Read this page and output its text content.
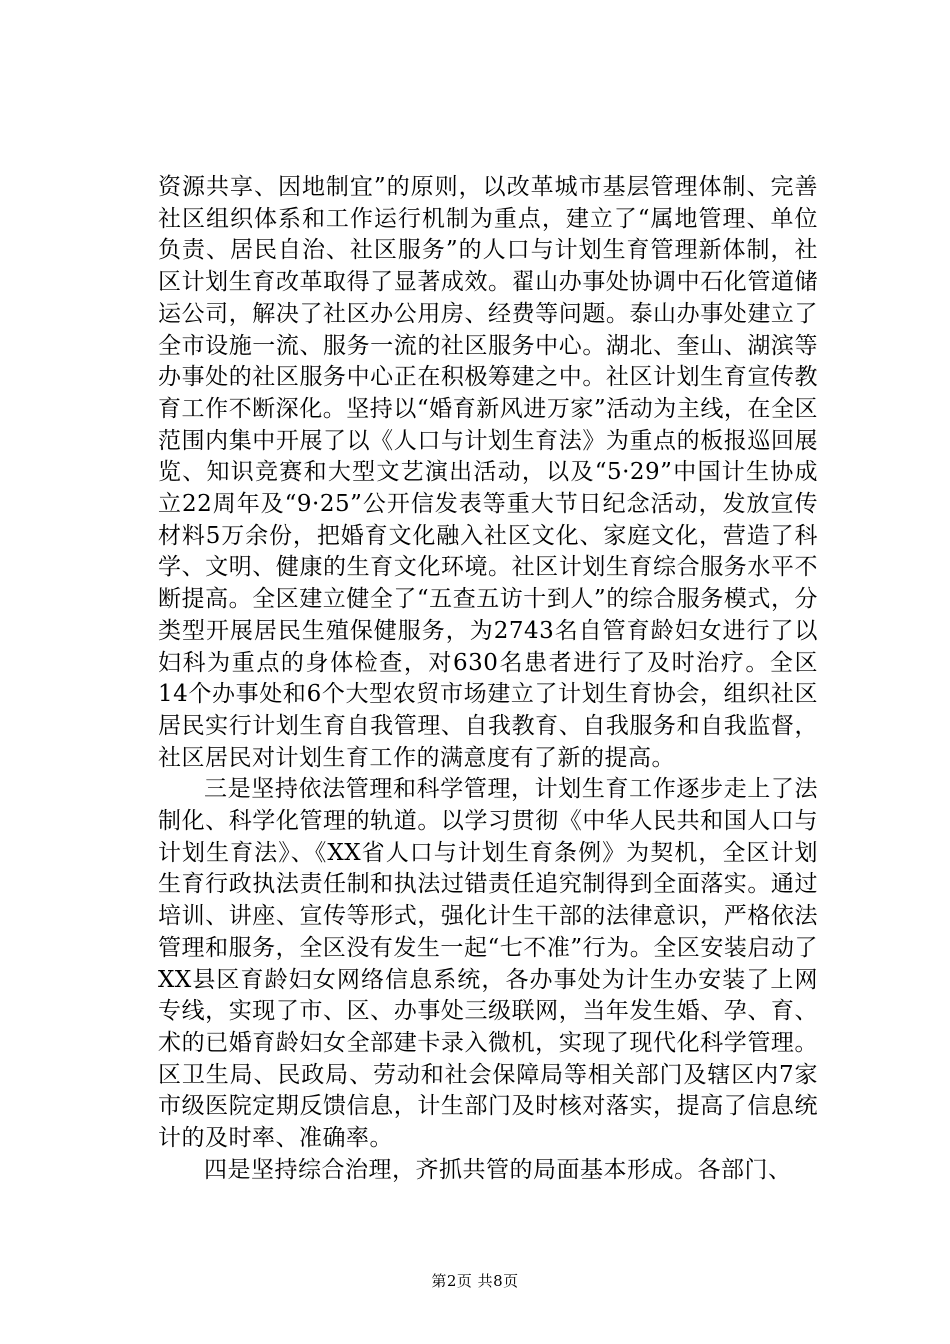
资源共享、因地制宜”的原则，以改革城市基层管理体制、完善社区组织体系和工作运行机制为重点，建立了“属地管理、单位负责、居民自治、社区服务”的人口与计划生育管理新体制，社区计划生育改革取得了显著成效。翟山办事处协调中石化管道储运公司，解决了社区办公用房、经费等问题。泰山办事处建立了全市设施一流、服务一流的社区服务中心。湖北、奎山、湖滨等办事处的社区服务中心正在积极筹建之中。社区计划生育宣传教育工作不断深化。坚持以“婚育新风进万家”活动为主线，在全区范围内集中开展了以《人口与计划生育法》为重点的板报巡回展览、知识竞赛和大型文艺演出活动，以及“5·29”中国计生协成立22周年及“9·25”公开信发表等重大节日纪念活动，发放宣传材料5万余份，把婚育文化融入社区文化、家庭文化，营造了科学、文明、健康的生育文化环境。社区计划生育综合服务水平不断提高。全区建立健全了“五查五访十到人”的综合服务模式，分类型开展居民生殖保健服务，为2743名自管育龄妇女进行了以妇科为重点的身体检查，对630名患者进行了及时治疗。全区14个办事处和6个大型农贸市场建立了计划生育协会，组织社区居民实行计划生育自我管理、自我教育、自我服务和自我监督，社区居民对计划生育工作的满意度有了新的提高。

三是坚持依法管理和科学管理，计划生育工作逐步走上了法制化、科学化管理的轨道。以学习贯彻《中华人民共和国人口与计划生育法》、《XX省人口与计划生育条例》为契机，全区计划生育行政执法责任制和执法过错责任追究制得到全面落实。通过培训、讲座、宣传等形式，强化计生干部的法律意识，严格依法管理和服务，全区没有发生一起“七不准”行为。全区安装启动了XX县区育龄妇女网络信息系统，各办事处为计生办安装了上网专线，实现了市、区、办事处三级联网，当年发生婚、孕、育、术的已婚育龄妇女全部建卡录入微机，实现了现代化科学管理。区卫生局、民政局、劳动和社会保障局等相关部门及辖区内7家市级医院定期反馈信息，计生部门及时核对落实，提高了信息统计的及时率、准确率。

四是坚持综合治理，齐抓共管的局面基本形成。各部门、

第2页 共8页
